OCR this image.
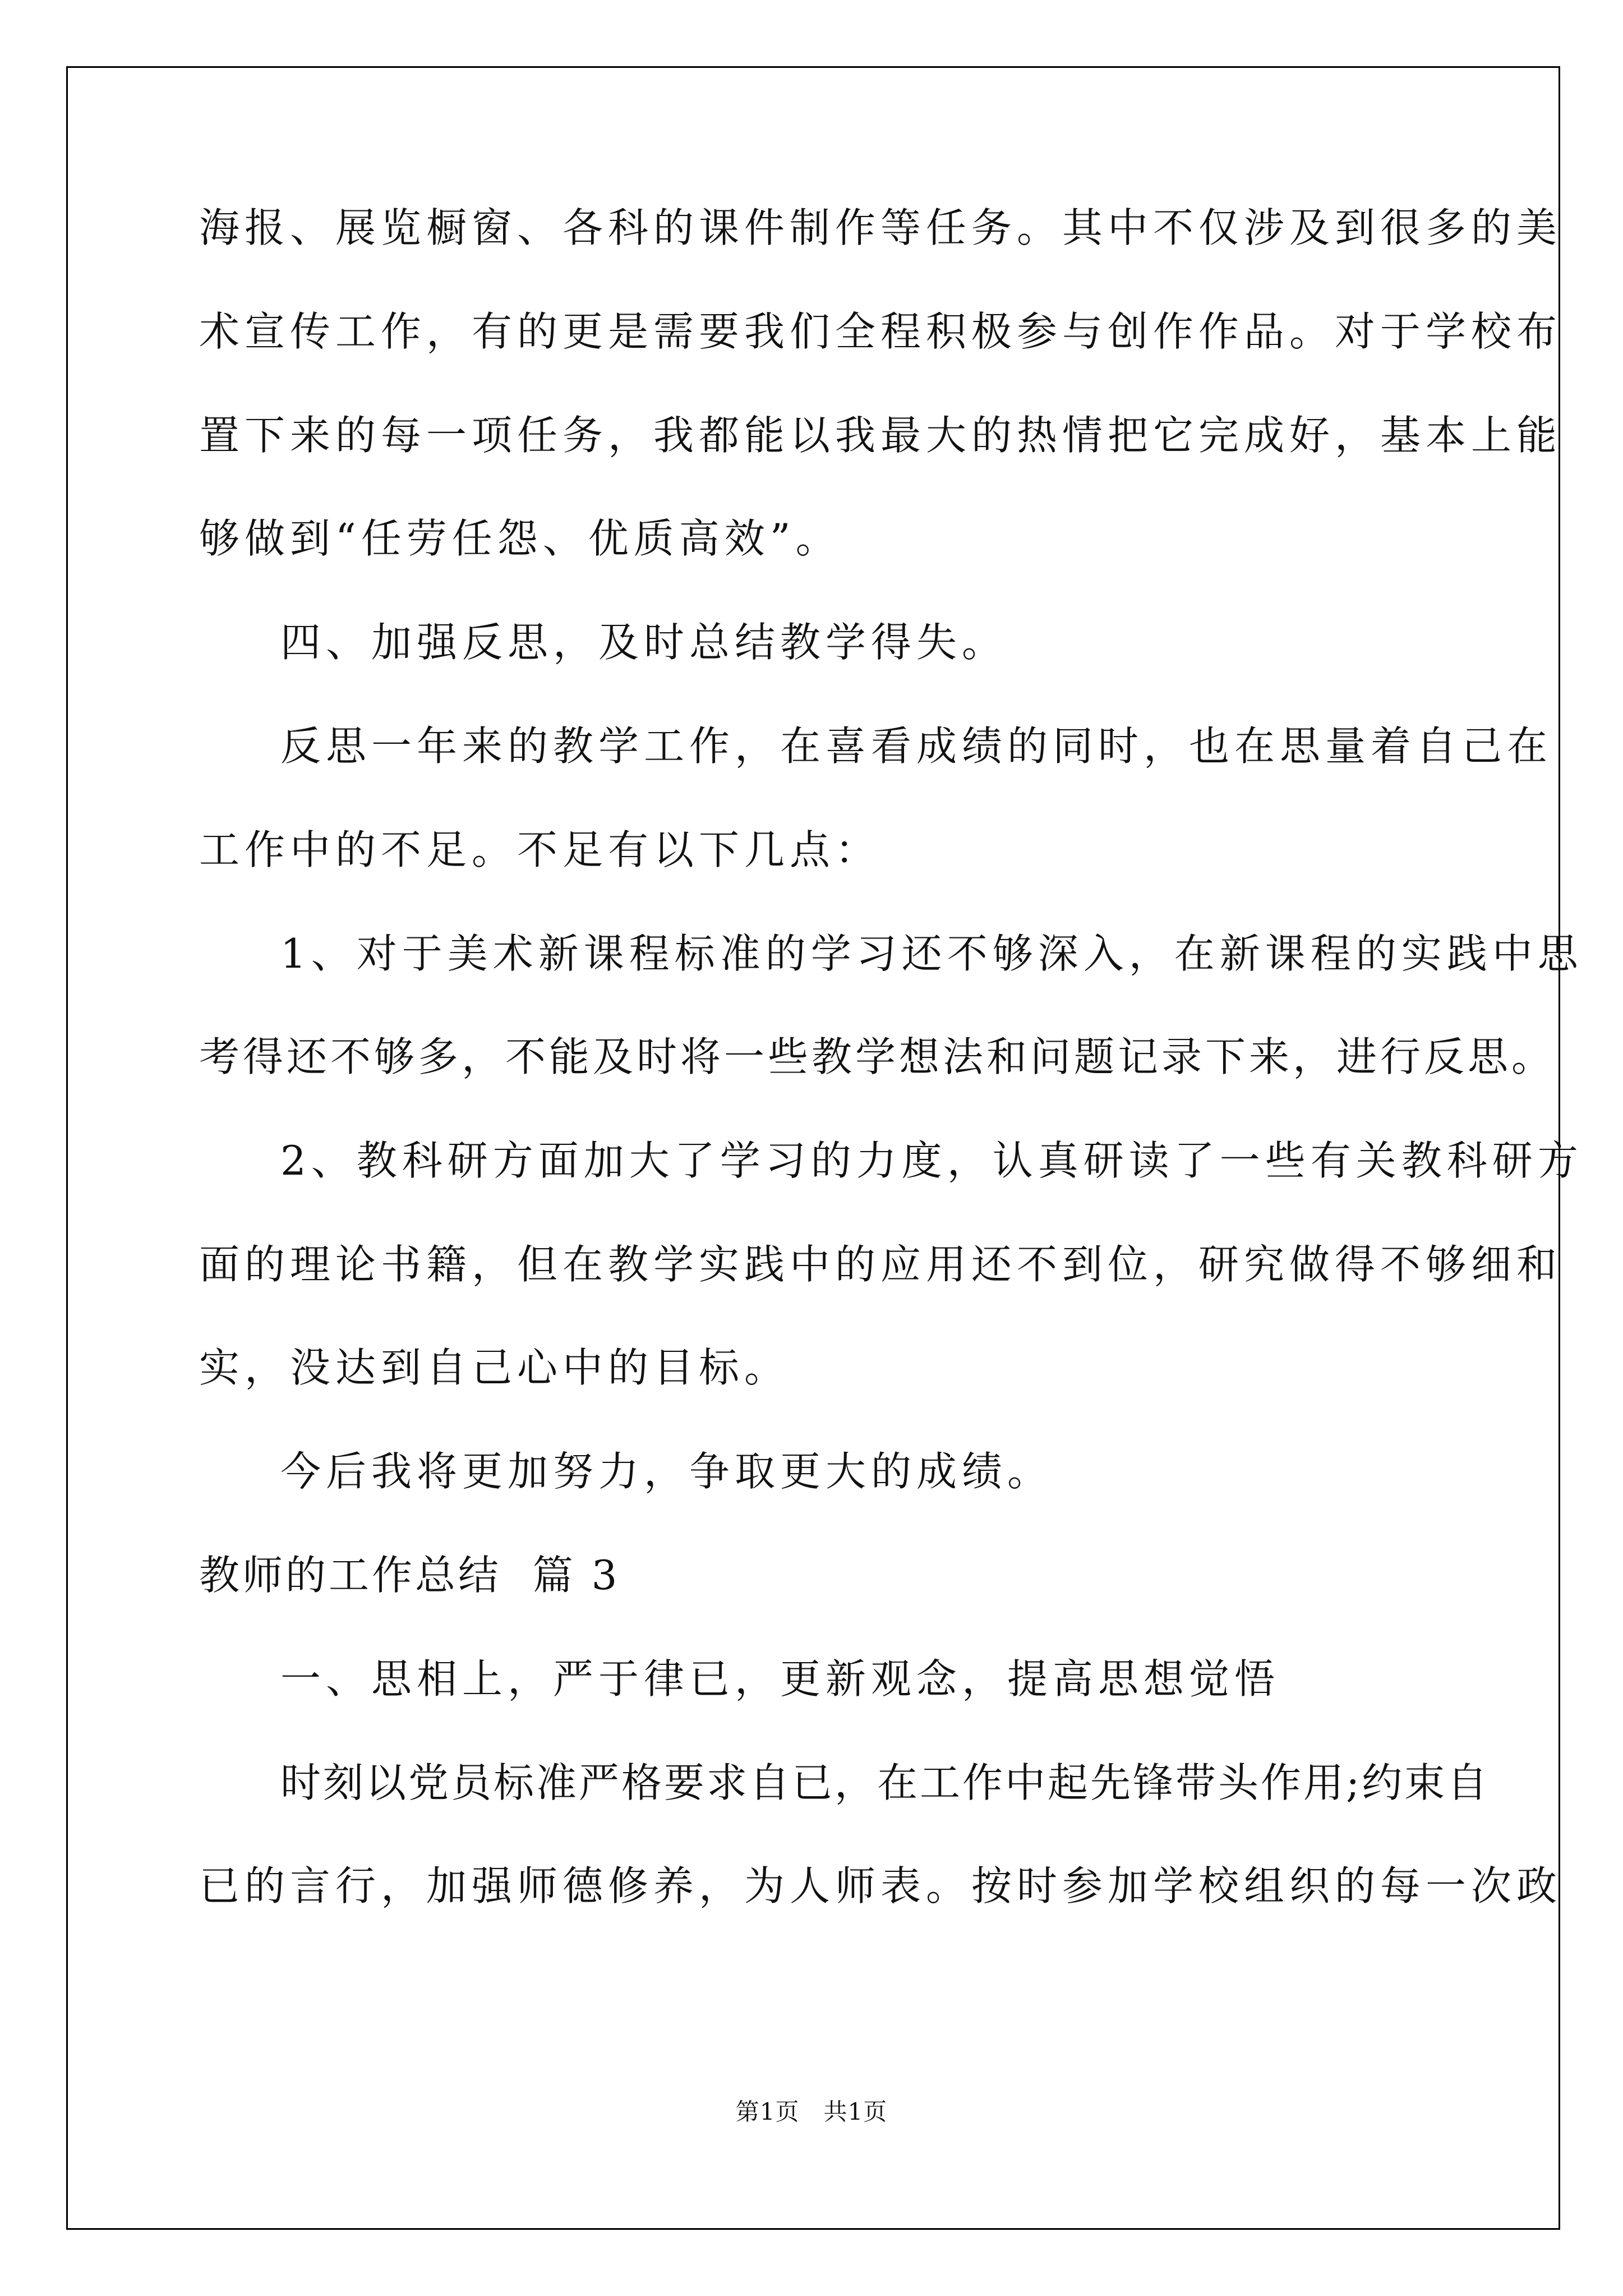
海报、展览橱窗、各科的课件制作等任务。其中不仅涉及到很多的美
术宣传工作，有的更是需要我们全程积极参与创作作品。对于学校布
置下来的每一项任务，我都能以我最大的热情把它完成好，基本上能
够做到“任劳任怨、优质高效”。
四、加强反思，及时总结教学得失。
反思一年来的教学工作，在喜看成绩的同时，也在思量着自己在
工作中的不足。不足有以下几点：
1、对于美术新课程标准的学习还不够深入，在新课程的实践中思
考得还不够多，不能及时将一些教学想法和问题记录下来，进行反思。
2、教科研方面加大了学习的力度，认真研读了一些有关教科研方
面的理论书籍，但在教学实践中的应用还不到位，研究做得不够细和
实，没达到自己心中的目标。
今后我将更加努力，争取更大的成绩。
教师的工作总结  篇 3
一、思相上，严于律已，更新观念，提高思想觉悟
时刻以党员标准严格要求自已，在工作中起先锋带头作用;约束自
已的言行，加强师德修养，为人师表。按时参加学校组织的每一次政
第1页   共1页
